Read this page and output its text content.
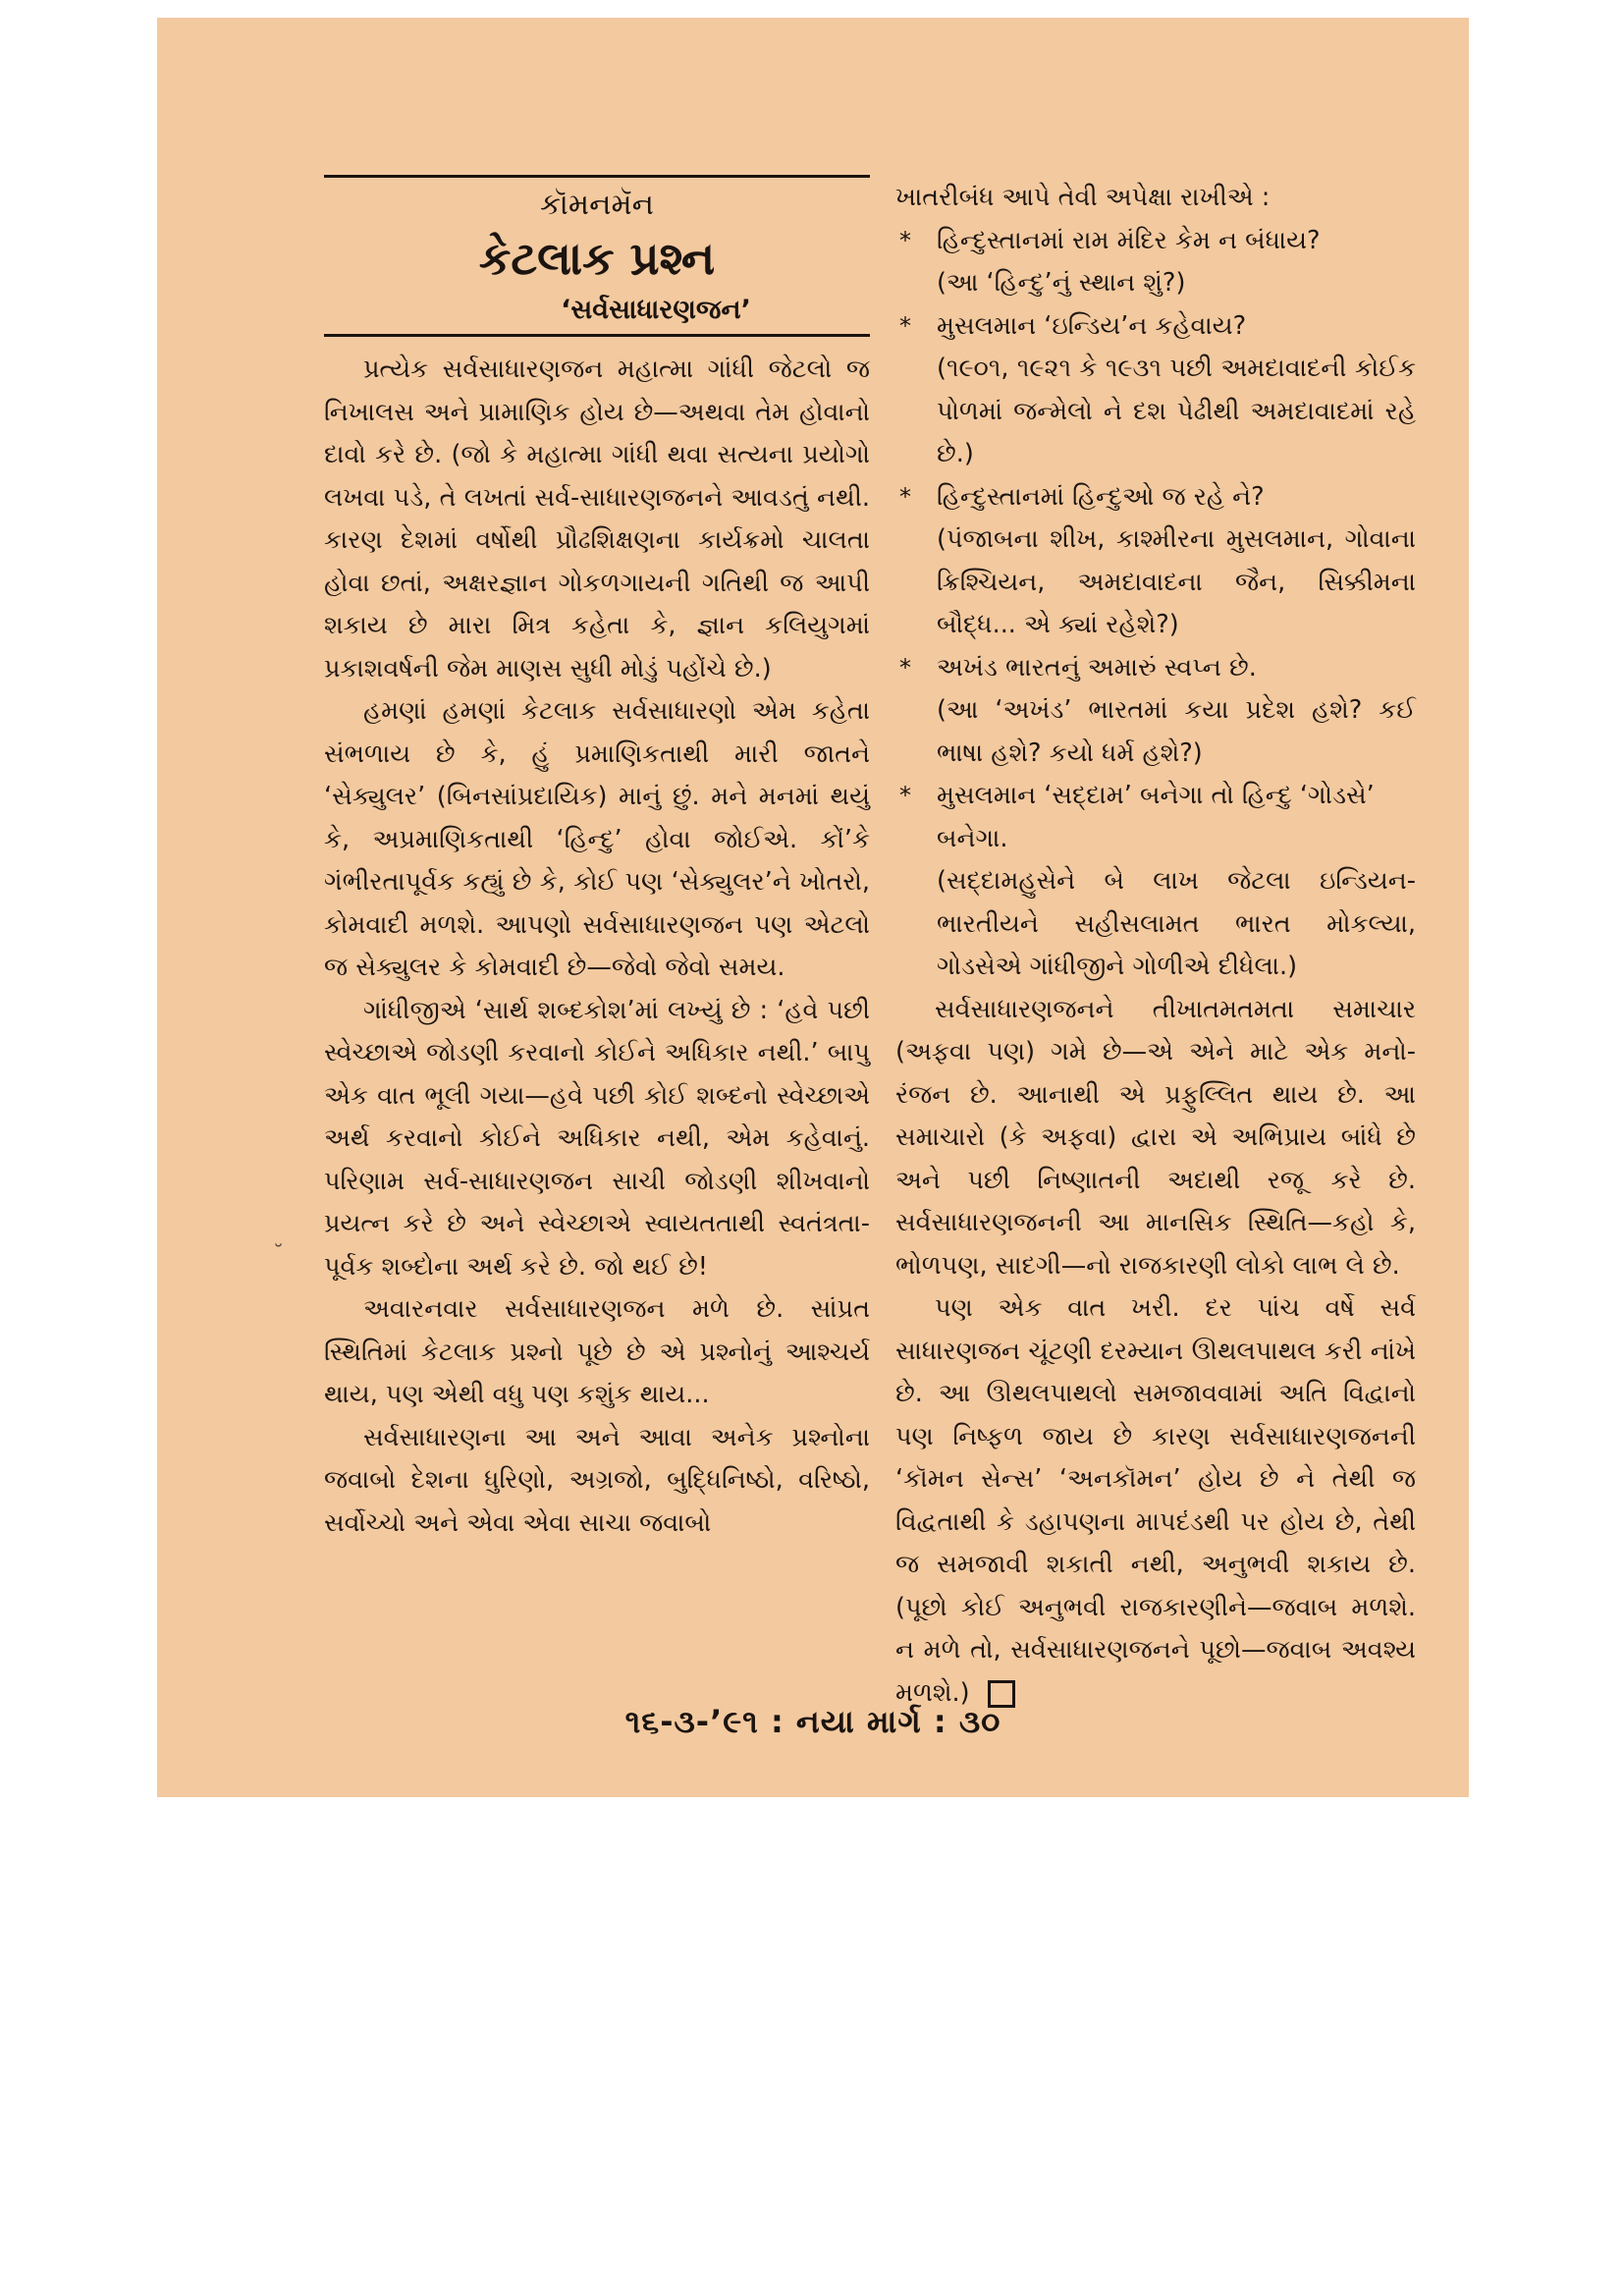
કૉમનમૅન
કેટલાક પ્રશ્ન
‘સર્વસાધારણજન’

પ્રત્યેક સર્વસાધારણજન મહાત્મા ગાંધી જેટલો જ નિખાલસ અને પ્રામાણિક હોય છે—અથવા તેમ હોવાનો દાવો કરે છે. (જો કે મહાત્મા ગાંધી થવા સત્યના પ્રયોગો લખવા પડે, તે લખતાં સર્વ-સાધારણજનને આવડતું નથી. કારણ દેશમાં વર્ષોથી પ્રૌઢશિક્ષણના કાર્યક્રમો ચાલતા હોવા છતાં, અક્ષરજ્ઞાન ગોકળગાયની ગતિથી જ આપી શકાય છે મારા મિત્ર કહેતા કે, જ્ઞાન કલિયુગમાં પ્રકાશવર્ષની જેમ માણસ સુધી મોડું પહોંચે છે.)

હમણાં હમણાં કેટલાક સર્વસાધારણો એમ કહેતા સંભળાય છે કે, હું પ્રમાણિકતાથી મારી જાતને ‘સેક્યુલર’ (બિનસાંપ્રદાયિક) માનું છું. મને મનમાં થયું કે, અપ્રમાણિકતાથી ‘હિન્દુ’ હોવા જોઈએ. કોં’કે ગંભીરતાપૂર્વક કહ્યું છે કે, કોઈ પણ ‘સેક્યુલર’ને ખોતરો, કોમવાદી મળશે. આપણો સર્વસાધારણજન પણ એટલો જ સેક્યુલર કે કોમવાદી છે—જેવો જેવો સમય.

ગાંધીજીએ ‘સાર્થ શબ્દકોશ’માં લખ્યું છે : ‘હવે પછી સ્વેચ્છાએ જોડણી કરવાનો કોઈને અધિકાર નથી.’ બાપુ એક વાત ભૂલી ગયા—હવે પછી કોઈ શબ્દનો સ્વેચ્છાએ અર્થ કરવાનો કોઈને અધિકાર નથી, એમ કહેવાનું. પરિણામ સર્વ-સાધારણજન સાચી જોડણી શીખવાનો પ્રયત્ન કરે છે અને સ્વેચ્છાએ સ્વાયતતાથી સ્વતંત્રતા-પૂર્વક શબ્દોના અર્થ કરે છે. જો થઈ છે!

અવારનવાર સર્વસાધારણજન મળે છે. સાંપ્રત સ્થિતિમાં કેટલાક પ્રશ્નો પૂછે છે એ પ્રશ્નોનું આશ્ચર્ય થાય, પણ એથી વધુ પણ કશુંક થાય...

સર્વસાધારણના આ અને આવા અનેક પ્રશ્નોના જવાબો દેશના ધુરિણો, અગ્રજો, બુદ્ધિનિષ્ઠો, વરિષ્ઠો, સર્વોચ્ચો અને એવા એવા સાચા જવાબો

ખાતરીબંધ આપે તેવી અપેક્ષા રાખીએ :

* હિન્દુસ્તાનમાં રામ મંદિર કેમ ન બંધાય?
(આ ‘હિન્દુ’નું સ્થાન શું?)
* મુસલમાન ‘ઇન્ડિય’ન કહેવાય?
(૧૯૦૧, ૧૯૨૧ કે ૧૯૩૧ પછી અમદાવાદની કોઈક પોળમાં જન્મેલો ને દશ પેઢીથી અમદાવાદમાં રહે છે.)
* હિન્દુસ્તાનમાં હિન્દુઓ જ રહે ને?
(પંજાબના શીખ, કાશ્મીરના મુસલમાન, ગોવાના ક્રિશ્ચિયન, અમદાવાદના જૈન, સિક્કીમના બૌદ્ધ... એ ક્યાં રહેશે?)
* અખંડ ભારતનું અમારું સ્વપ્ન છે.
(આ ‘અખંડ’ ભારતમાં કયા પ્રદેશ હશે? કઈ ભાષા હશે? કયો ધર્મ હશે?)
* મુસલમાન ‘સદ્દામ’ બનેગા તો હિન્દુ ‘ગોડસે’ બનેગા.
(સદ્દામહુસેને બે લાખ જેટલા ઇન્ડિયન-ભારતીયને સહીસલામત ભારત મોકલ્યા, ગોડસેએ ગાંધીજીને ગોળીએ દીધેલા.)

સર્વસાધારણજનને તીખાતમતમતા સમાચાર (અફવા પણ) ગમે છે—એ એને માટે એક મનો-રંજન છે. આનાથી એ પ્રફુલ્લિત થાય છે. આ સમાચારો (કે અફવા) દ્વારા એ અભિપ્રાય બાંધે છે અને પછી નિષ્ણાતની અદાથી રજૂ કરે છે. સર્વસાધારણજનની આ માનસિક સ્થિતિ—કહો કે, ભોળપણ, સાદગી—નો રાજકારણી લોકો લાભ લે છે.

પણ એક વાત ખરી. દર પાંચ વર્ષે સર્વ સાધારણજન ચૂંટણી દરમ્યાન ઊથલપાથલ કરી નાંખે છે. આ ઊથલપાથલો સમજાવવામાં અતિ વિદ્વાનો પણ નિષ્ફળ જાય છે કારણ સર્વસાધારણજનની ‘કૉમન સેન્સ’ ‘અનકૉમન’ હોય છે ને તેથી જ વિદ્વતાથી કે ડહાપણના માપદંડથી પર હોય છે, તેથી જ સમજાવી શકાતી નથી, અનુભવી શકાય છે. (પૂછો કોઈ અનુભવી રાજકારણીને—જવાબ મળશે. ન મળે તો, સર્વસાધારણજનને પૂછો—જવાબ અવશ્ય મળશે.)

˘
૧૬-૩-’૯૧ : નયા માર્ગ : ૩૦
